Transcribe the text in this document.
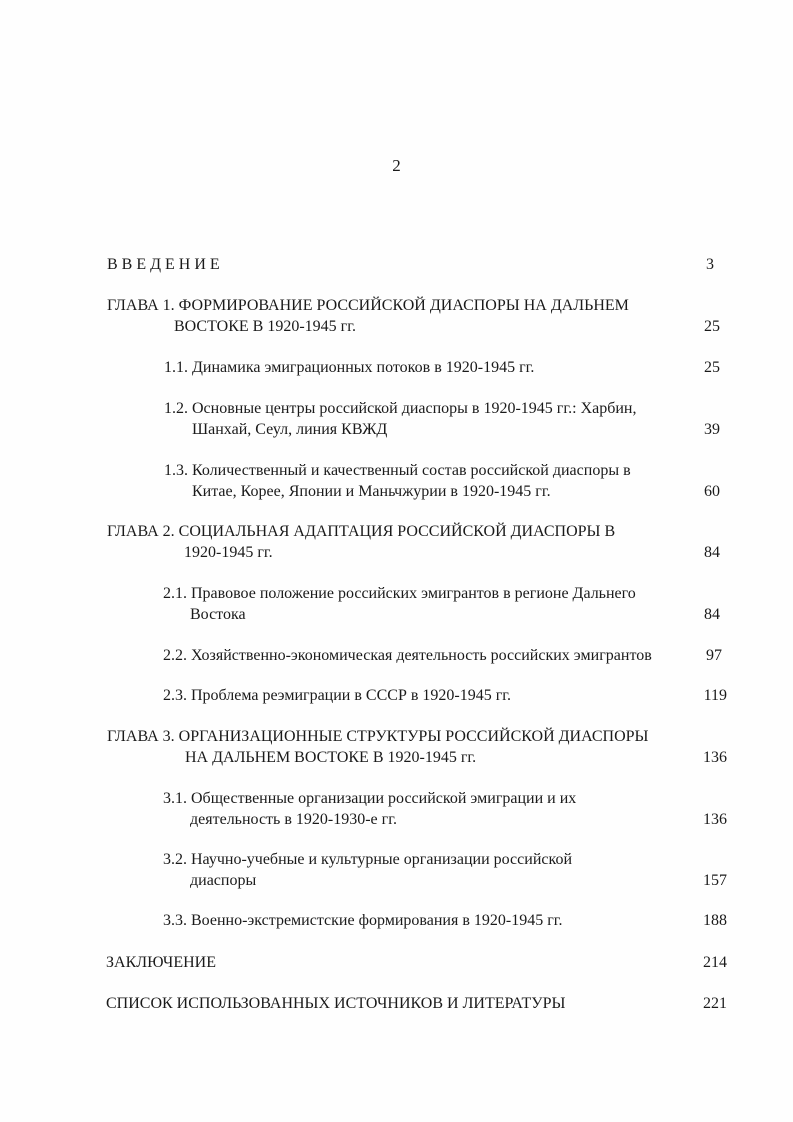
2
ВВЕДЕНИЕ	3
ГЛАВА 1. ФОРМИРОВАНИЕ РОССИЙСКОЙ ДИАСПОРЫ НА ДАЛЬНЕМ
ВОСТОКЕ В 1920-1945 гг.	25
1.1. Динамика эмиграционных потоков в 1920-1945 гг.	25
1.2. Основные центры российской диаспоры в 1920-1945 гг.: Харбин,
Шанхай, Сеул, линия КВЖД	39
1.3. Количественный и качественный состав российской диаспоры в
Китае, Корее, Японии и Маньчжурии в 1920-1945 гг.	60
ГЛАВА 2. СОЦИАЛЬНАЯ АДАПТАЦИЯ РОССИЙСКОЙ ДИАСПОРЫ В
1920-1945 гг.	84
2.1. Правовое положение российских эмигрантов в регионе Дальнего
Востока	84
2.2. Хозяйственно-экономическая деятельность российских эмигрантов	97
2.3. Проблема реэмиграции в СССР в 1920-1945 гг.	119
ГЛАВА 3. ОРГАНИЗАЦИОННЫЕ СТРУКТУРЫ РОССИЙСКОЙ ДИАСПОРЫ
НА ДАЛЬНЕМ ВОСТОКЕ В 1920-1945 гг.	136
3.1. Общественные организации российской эмиграции и их
деятельность в 1920-1930-е гг.	136
3.2. Научно-учебные и культурные организации российской
диаспоры	157
3.3. Военно-экстремистские формирования в 1920-1945 гг.	188
ЗАКЛЮЧЕНИЕ	214
СПИСОК ИСПОЛЬЗОВАННЫХ ИСТОЧНИКОВ И ЛИТЕРАТУРЫ	221
